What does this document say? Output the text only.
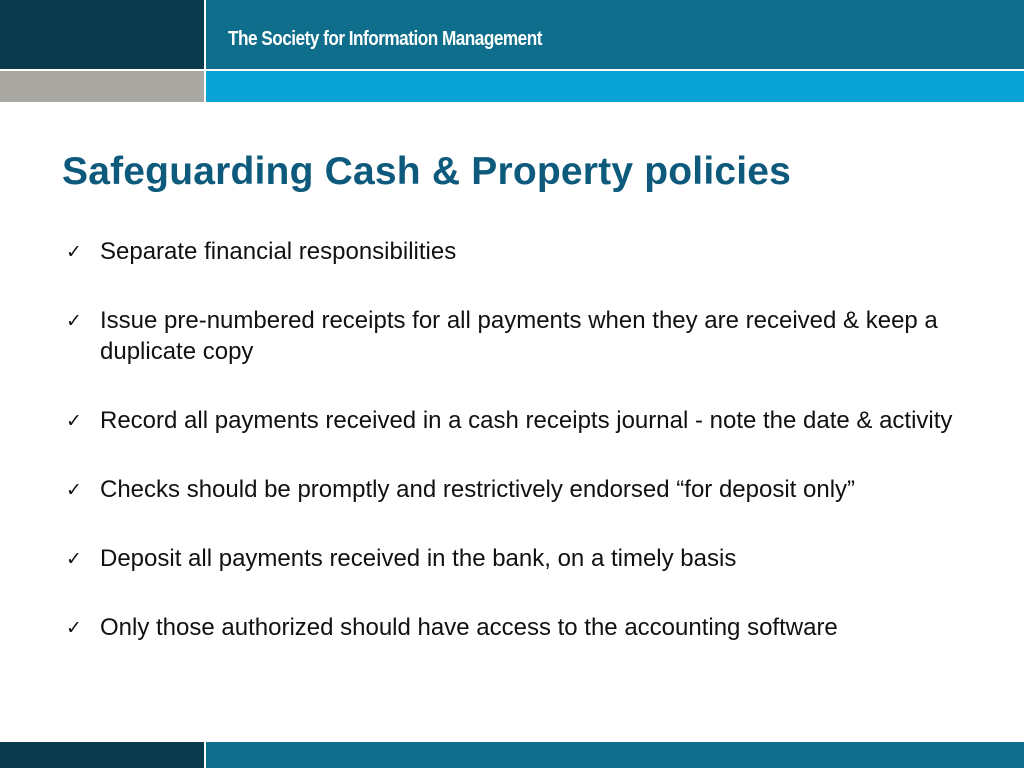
The Society for Information Management
Safeguarding Cash & Property policies
✓ Separate financial responsibilities
✓ Issue pre-numbered receipts for all payments when they are received & keep a duplicate copy
✓ Record all payments received in a cash receipts journal - note the date & activity
✓ Checks should be promptly and restrictively endorsed “for deposit only”
✓ Deposit all payments received in the bank, on a timely basis
✓ Only those authorized should have access to the accounting software
